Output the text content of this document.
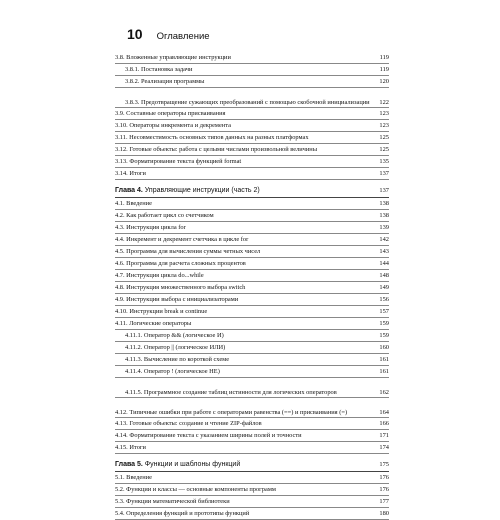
10 Оглавление
3.8. Вложенные управляющие инструкции	119
3.8.1. Постановка задачи	119
3.8.2. Реализация программы	120
3.8.3. Предотвращение сужающих преобразований с помощью скобочной инициализации	122
3.9. Составные операторы присваивания	123
3.10. Операторы инкремента и декремента	123
3.11. Несовместимость основных типов данных на разных платформах	125
3.12. Готовые объекты: работа с целыми числами произвольной величины	125
3.13. Форматирование текста функцией format	135
3.14. Итоги	137
Глава 4. Управляющие инструкции (часть 2)	137
4.1. Введение	138
4.2. Как работает цикл со счетчиком	138
4.3. Инструкция цикла for	139
4.4. Инкремент и декремент счетчика в цикле for	142
4.5. Программа для вычисления суммы четных чисел	143
4.6. Программа для расчета сложных процентов	144
4.7. Инструкция цикла do...while	148
4.8. Инструкция множественного выбора switch	149
4.9. Инструкции выбора с инициализаторами	156
4.10. Инструкции break и continue	157
4.11. Логические операторы	159
4.11.1. Оператор && (логическое И)	159
4.11.2. Оператор || (логическое ИЛИ)	160
4.11.3. Вычисление по короткой схеме	161
4.11.4. Оператор ! (логическое НЕ)	161
4.11.5. Программное создание таблиц истинности для логических операторов	162
4.12. Типичные ошибки при работе с операторами равенства (==) и присваивания (=)	164
4.13. Готовые объекты: создание и чтение ZIP-файлов	166
4.14. Форматирование текста с указанием ширины полей и точности	171
4.15. Итоги	174
Глава 5. Функции и шаблоны функций	175
5.1. Введение	176
5.2. Функции и классы — основные компоненты программ	176
5.3. Функции математической библиотеки	177
5.4. Определения функций и прототипы функций	180
